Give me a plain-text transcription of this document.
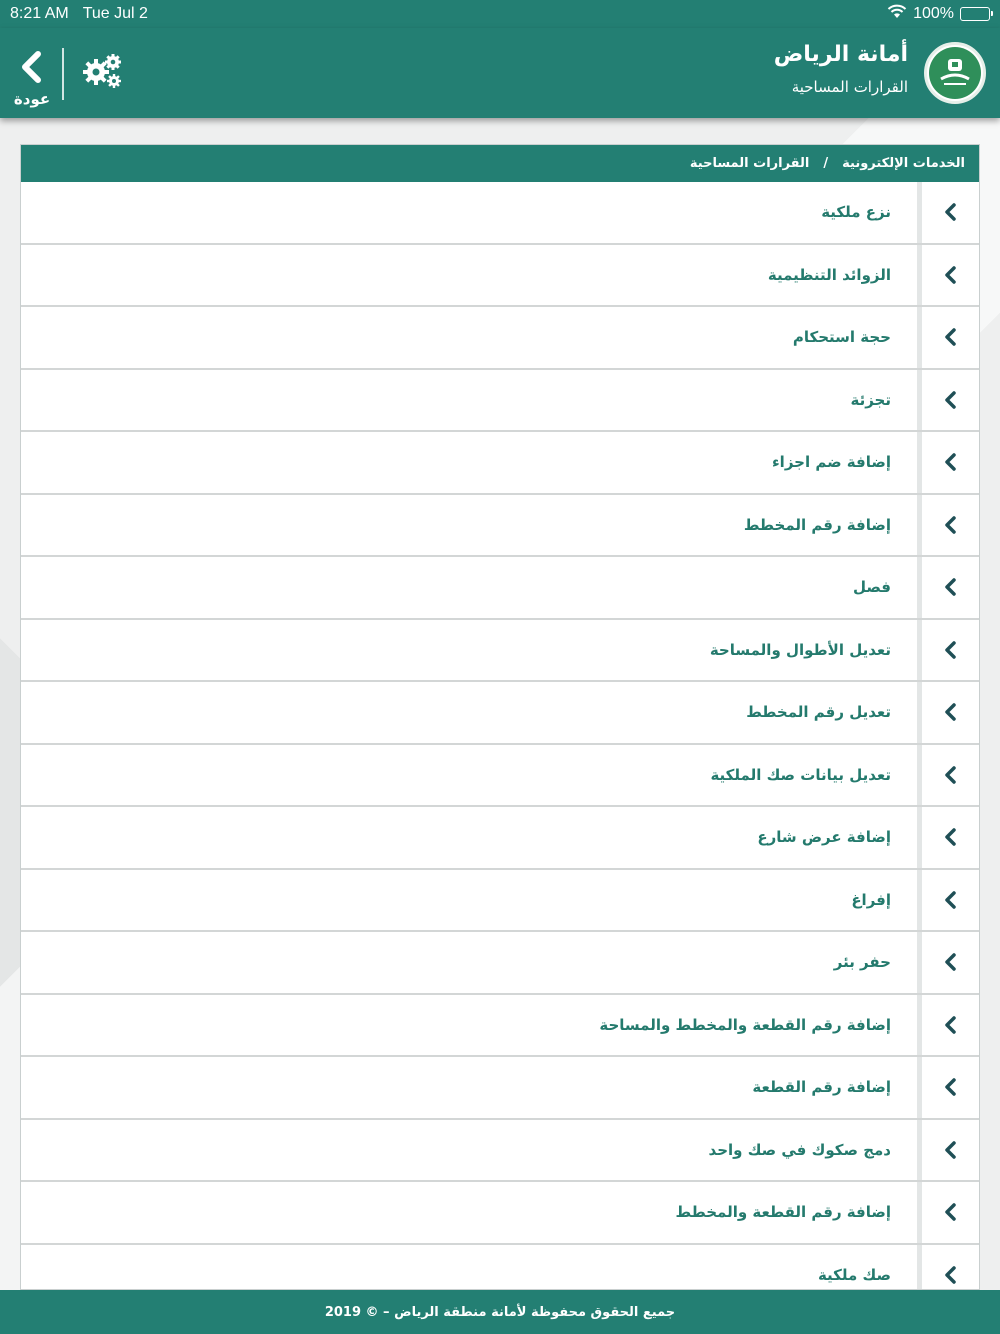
8:21 AM Tue Jul 2	100%
أمانة الرياض
القرارات المساحية
عودة
الخدمات الإلكترونية
/
القرارات المساحية
نزع ملكية
الزوائد التنظيمية
حجة استحكام
تجزئة
إضافة ضم اجزاء
إضافة رقم المخطط
فصل
تعديل الأطوال والمساحة
تعديل رقم المخطط
تعديل بيانات صك الملكية
إضافة عرض شارع
إفراغ
حفر بئر
إضافة رقم القطعة والمخطط والمساحة
إضافة رقم القطعة
دمج صكوك في صك واحد
إضافة رقم القطعة والمخطط
صك ملكية
جميع الحقوق محفوظة لأمانة منطقة الرياض – © 2019
